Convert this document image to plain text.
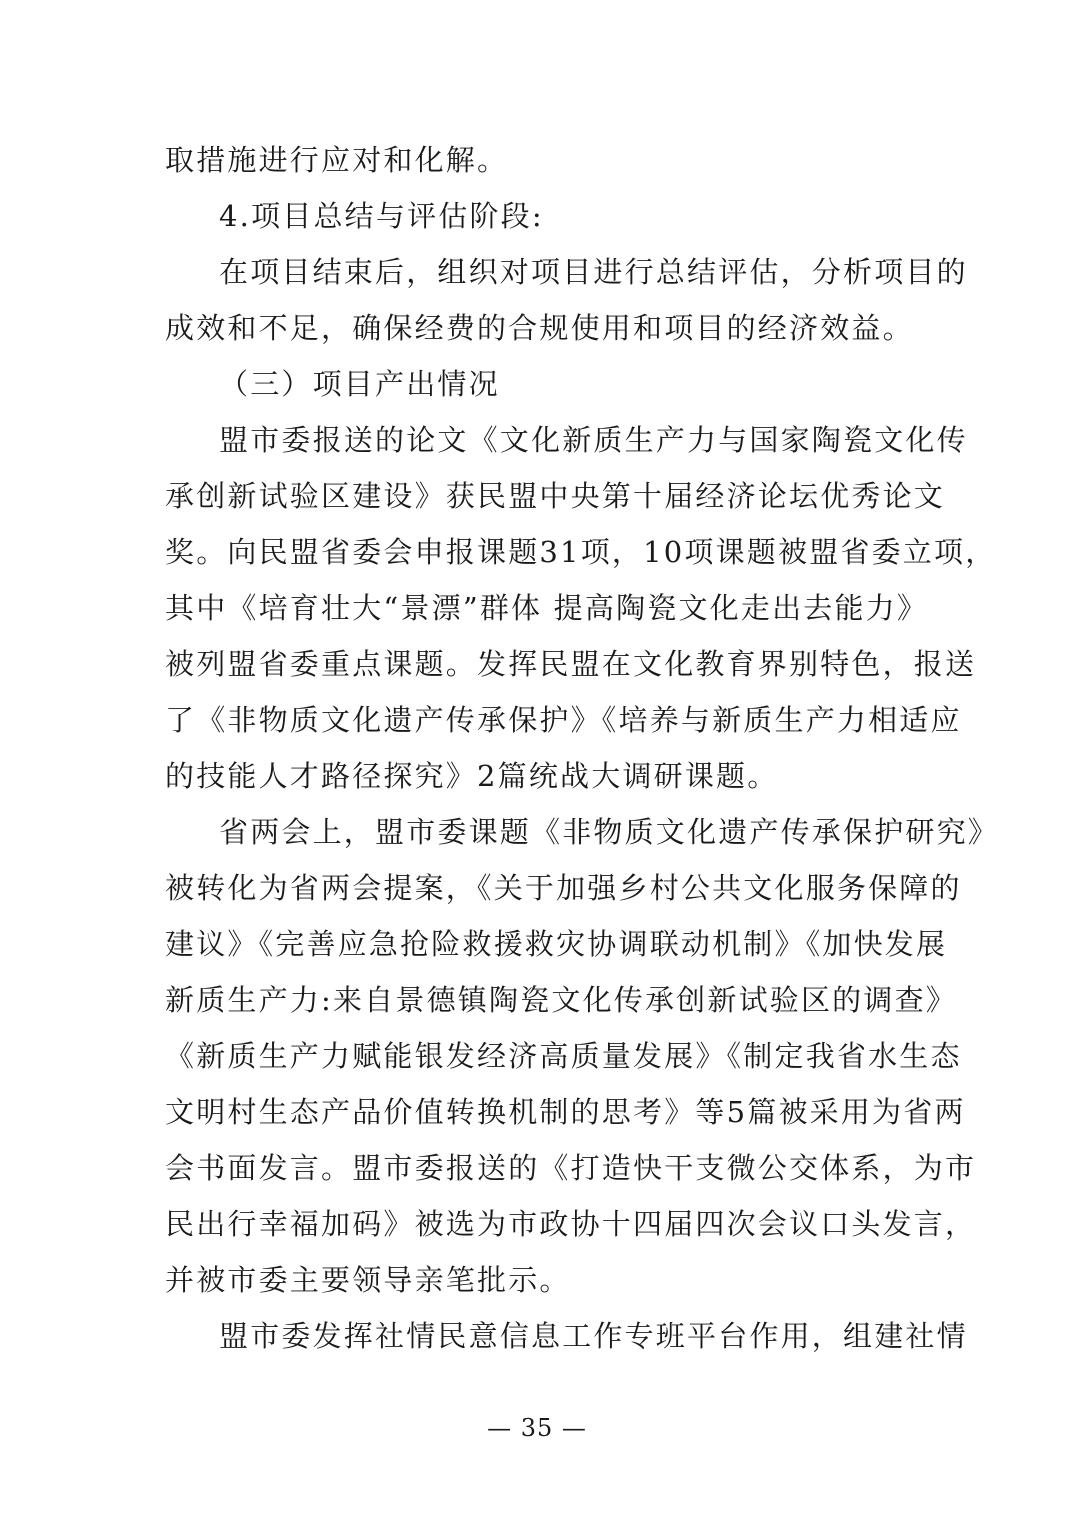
取措施进行应对和化解。
4.项目总结与评估阶段:
在项目结束后，组织对项目进行总结评估，分析项目的
成效和不足，确保经费的合规使用和项目的经济效益。
（三）项目产出情况
盟市委报送的论文《文化新质生产力与国家陶瓷文化传
承创新试验区建设》获民盟中央第十届经济论坛优秀论文
奖。向民盟省委会申报课题31项，10项课题被盟省委立项，
其中《培育壮大“景漂”群体 提高陶瓷文化走出去能力》
被列盟省委重点课题。发挥民盟在文化教育界别特色，报送
了《非物质文化遗产传承保护》《培养与新质生产力相适应
的技能人才路径探究》2篇统战大调研课题。
省两会上，盟市委课题《非物质文化遗产传承保护研究》
被转化为省两会提案，《关于加强乡村公共文化服务保障的
建议》《完善应急抢险救援救灾协调联动机制》《加快发展
新质生产力:来自景德镇陶瓷文化传承创新试验区的调查》
《新质生产力赋能银发经济高质量发展》《制定我省水生态
文明村生态产品价值转换机制的思考》等5篇被采用为省两
会书面发言。盟市委报送的《打造快干支微公交体系，为市
民出行幸福加码》被选为市政协十四届四次会议口头发言，
并被市委主要领导亲笔批示。
盟市委发挥社情民意信息工作专班平台作用，组建社情
— 35 —
